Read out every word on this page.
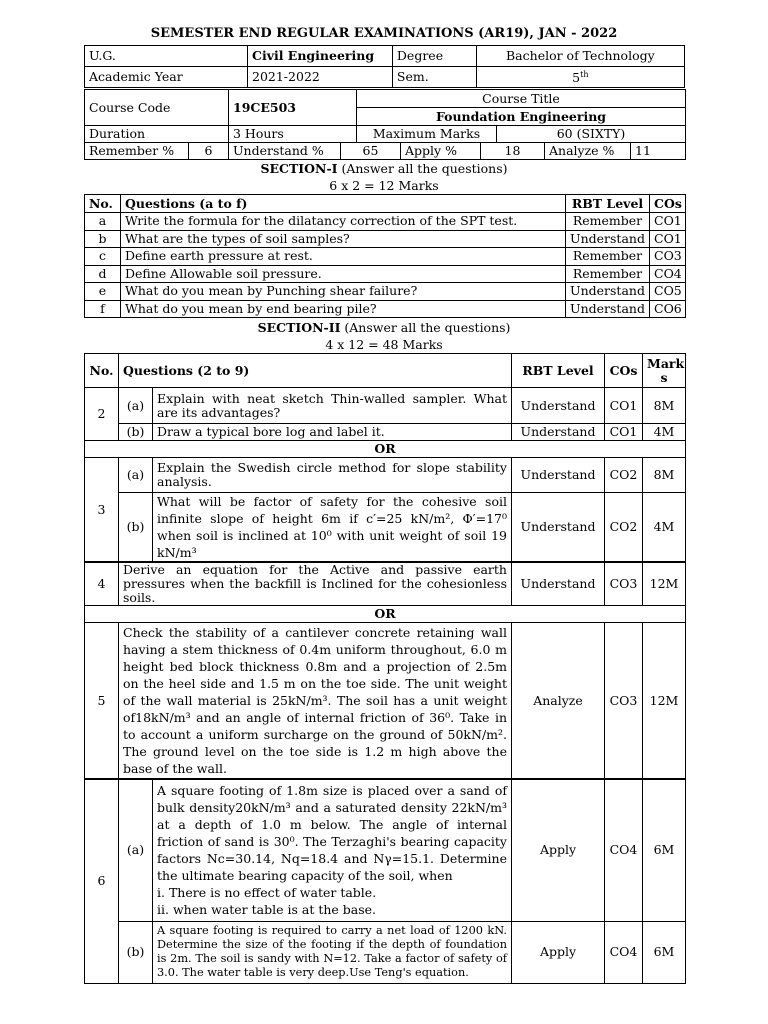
SEMESTER END REGULAR EXAMINATIONS (AR19), JAN - 2022
U.G.	Civil Engineering	Degree	Bachelor of Technology
Academic Year	2021-2022	Sem.	5th
Course Code	19CE503	Course Title
Foundation Engineering
Duration	3 Hours	Maximum Marks	60 (SIXTY)
Remember %	6	Understand %	65	Apply %	18	Analyze %	11
SECTION-I (Answer all the questions)
6 x 2 = 12 Marks
No.	Questions (a to f)	RBT Level	COs
a	Write the formula for the dilatancy correction of the SPT test.	Remember	CO1
b	What are the types of soil samples?	Understand	CO1
c	Define earth pressure at rest.	Remember	CO3
d	Define Allowable soil pressure.	Remember	CO4
e	What do you mean by Punching shear failure?	Understand	CO5
f	What do you mean by end bearing pile?	Understand	CO6
SECTION-II (Answer all the questions)
4 x 12 = 48 Marks
No.	Questions (2 to 9)		RBT Level	COs	Mark s
2	(a)	Explain with neat sketch Thin-walled sampler. What are its advantages?	Understand	CO1	8M
	(b)	Draw a typical bore log and label it.	Understand	CO1	4M
OR					
3	(a)	Explain the Swedish circle method for slope stability analysis.	Understand	CO2	8M
	(b)	What will be factor of safety for the cohesive soil infinite slope of height 6m if c′=25 kN/m², Φ′=17⁰ when soil is inclined at 10⁰ with unit weight of soil 19 kN/m³	Understand	CO2	4M
4	Derive an equation for the Active and passive earth pressures when the backfill is Inclined for the cohesionless soils.		Understand	CO3	12M
OR					
5	Check the stability of a cantilever concrete retaining wall having a stem thickness of 0.4m uniform throughout, 6.0 m height bed block thickness 0.8m and a projection of 2.5m on the heel side and 1.5 m on the toe side. The unit weight of the wall material is 25kN/m³. The soil has a unit weight of18kN/m³ and an angle of internal friction of 36⁰. Take in to account a uniform surcharge on the ground of 50kN/m². The ground level on the toe side is 1.2 m high above the base of the wall.		Analyze	CO3	12M
6	(a)	A square footing of 1.8m size is placed over a sand of bulk density20kN/m³ and a saturated density 22kN/m³ at a depth of 1.0 m below. The angle of internal friction of sand is 30⁰. The Terzaghi's bearing capacity factors Nc=30.14, Nq=18.4 and Nγ=15.1. Determine the ultimate bearing capacity of the soil, when
i. There is no effect of water table.
ii. when water table is at the base.	Apply	CO4	6M
	(b)	A square footing is required to carry a net load of 1200 kN. Determine the size of the footing if the depth of foundation is 2m. The soil is sandy with N=12. Take a factor of safety of 3.0. The water table is very deep.Use Teng's equation.	Apply	CO4	6M
